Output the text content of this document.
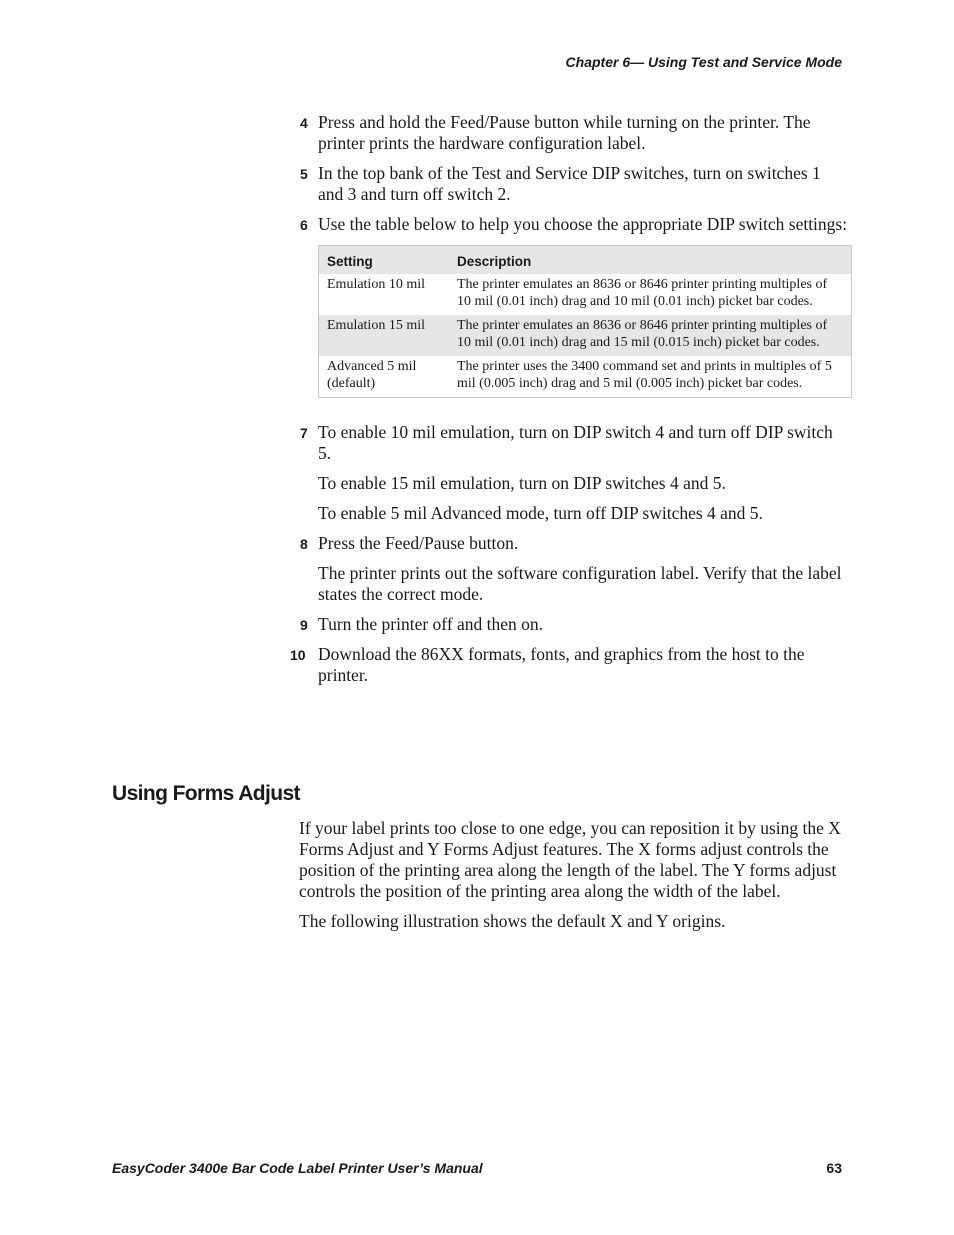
Chapter 6— Using Test and Service Mode
4 Press and hold the Feed/Pause button while turning on the printer. The printer prints the hardware configuration label.
5 In the top bank of the Test and Service DIP switches, turn on switches 1 and 3 and turn off switch 2.
6 Use the table below to help you choose the appropriate DIP switch settings:
Setting	Description
Emulation 10 mil	The printer emulates an 8636 or 8646 printer printing multiples of 10 mil (0.01 inch) drag and 10 mil (0.01 inch) picket bar codes.
Emulation 15 mil	The printer emulates an 8636 or 8646 printer printing multiples of 10 mil (0.01 inch) drag and 15 mil (0.015 inch) picket bar codes.
Advanced 5 mil (default)	The printer uses the 3400 command set and prints in multiples of 5 mil (0.005 inch) drag and 5 mil (0.005 inch) picket bar codes.
7 To enable 10 mil emulation, turn on DIP switch 4 and turn off DIP switch 5.
To enable 15 mil emulation, turn on DIP switches 4 and 5.
To enable 5 mil Advanced mode, turn off DIP switches 4 and 5.
8 Press the Feed/Pause button.
The printer prints out the software configuration label. Verify that the label states the correct mode.
9 Turn the printer off and then on.
10 Download the 86XX formats, fonts, and graphics from the host to the printer.
Using Forms Adjust

If your label prints too close to one edge, you can reposition it by using the X Forms Adjust and Y Forms Adjust features. The X forms adjust controls the position of the printing area along the length of the label. The Y forms adjust controls the position of the printing area along the width of the label.

The following illustration shows the default X and Y origins.

EasyCoder 3400e Bar Code Label Printer User’s Manual	63
